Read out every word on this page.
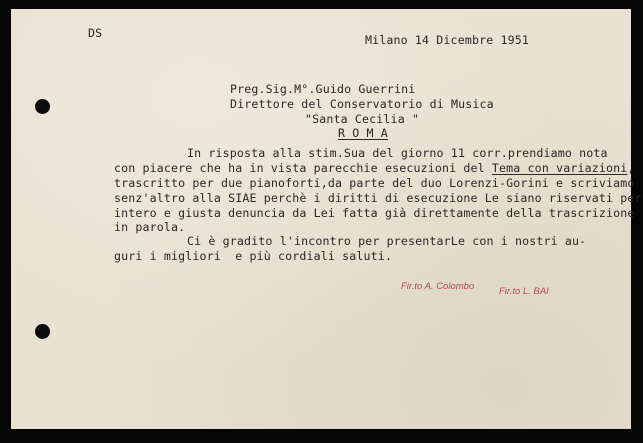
DS	Milano 14 Dicembre 1951
Preg.Sig.M°.Guido Guerrini
Direttore del Conservatorio di Musica
"Santa Cecilia "
R O M A
In risposta alla stim.Sua del giorno 11 corr.prendiamo nota
con piacere che ha in vista parecchie esecuzioni del Tema con variazioni,
trascritto per due pianoforti,da parte del duo Lorenzi-Gorini e scriviamo
senz'altro alla SIAE perchè i diritti di esecuzione Le siano riservati per
intero e giusta denuncia da Lei fatta già direttamente della trascrizione
in parola.
Ci è gradito l'incontro per presentarLe con i nostri au-
guri i migliori  e più cordiali saluti.
Fir.to A. Colombo	Fir.to L. BAI
